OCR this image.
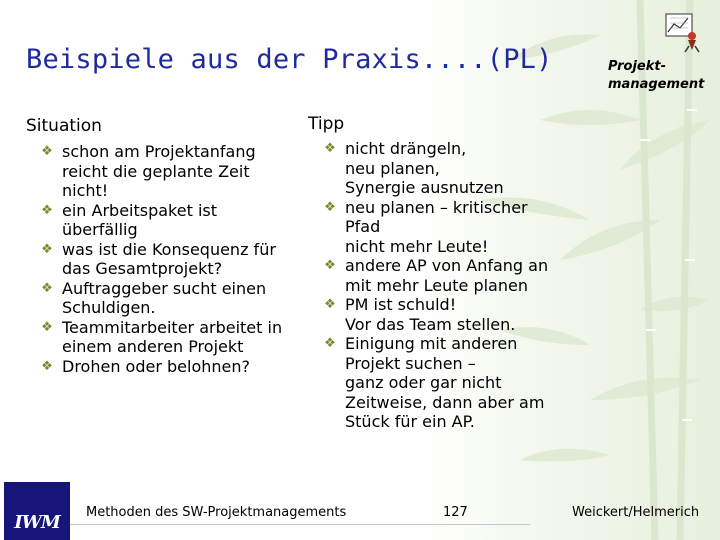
Beispiele aus der Praxis....(PL)	Projekt-
management
Situation	Tipp
❖ schon am Projektanfang reicht die geplante Zeit nicht!
❖ ein Arbeitspaket ist überfällig
❖ was ist die Konsequenz für das Gesamtprojekt?
❖ Auftraggeber sucht einen Schuldigen.
❖ Teammitarbeiter arbeitet in einem anderen Projekt
❖ Drohen oder belohnen?
❖ nicht drängeln,
neu planen,
Synergie ausnutzen
❖ neu planen – kritischer
Pfad
nicht mehr Leute!
❖ andere AP von Anfang an
mit mehr Leute planen
❖ PM ist schuld!
Vor das Team stellen.
❖ Einigung mit anderen
Projekt suchen –
ganz oder gar nicht
Zeitweise, dann aber am
Stück für ein AP.
IWM	Methoden des SW-Projektmanagements	127	Weickert/Helmerich
